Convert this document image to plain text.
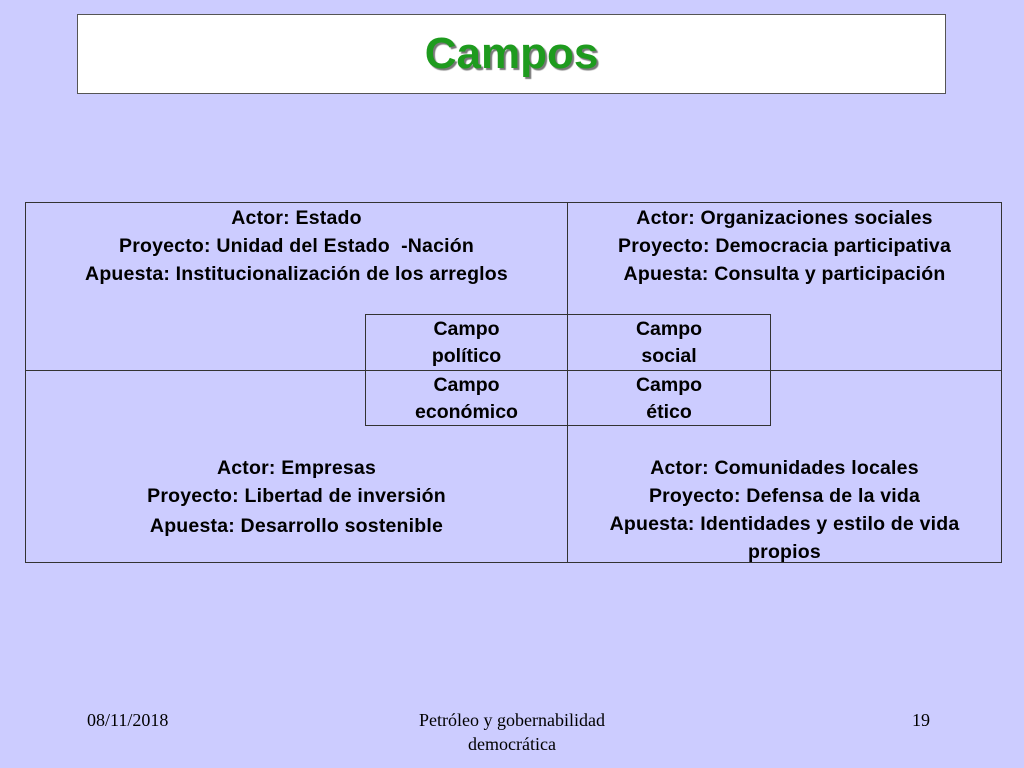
Campos
Actor: Estado
Proyecto: Unidad del Estado  -Nación
Apuesta: Institucionalización de los arreglos
Actor: Organizaciones sociales
Proyecto: Democracia participativa
Apuesta: Consulta y participación
Actor: Empresas
Proyecto: Libertad de inversión
Apuesta: Desarrollo sostenible
Actor: Comunidades locales
Proyecto: Defensa de la vida
Apuesta: Identidades y estilo de vida
propios
Campo
político
Campo
social
Campo
económico
Campo
ético
08/11/2018	Petróleo y gobernabilidad
democrática
19
